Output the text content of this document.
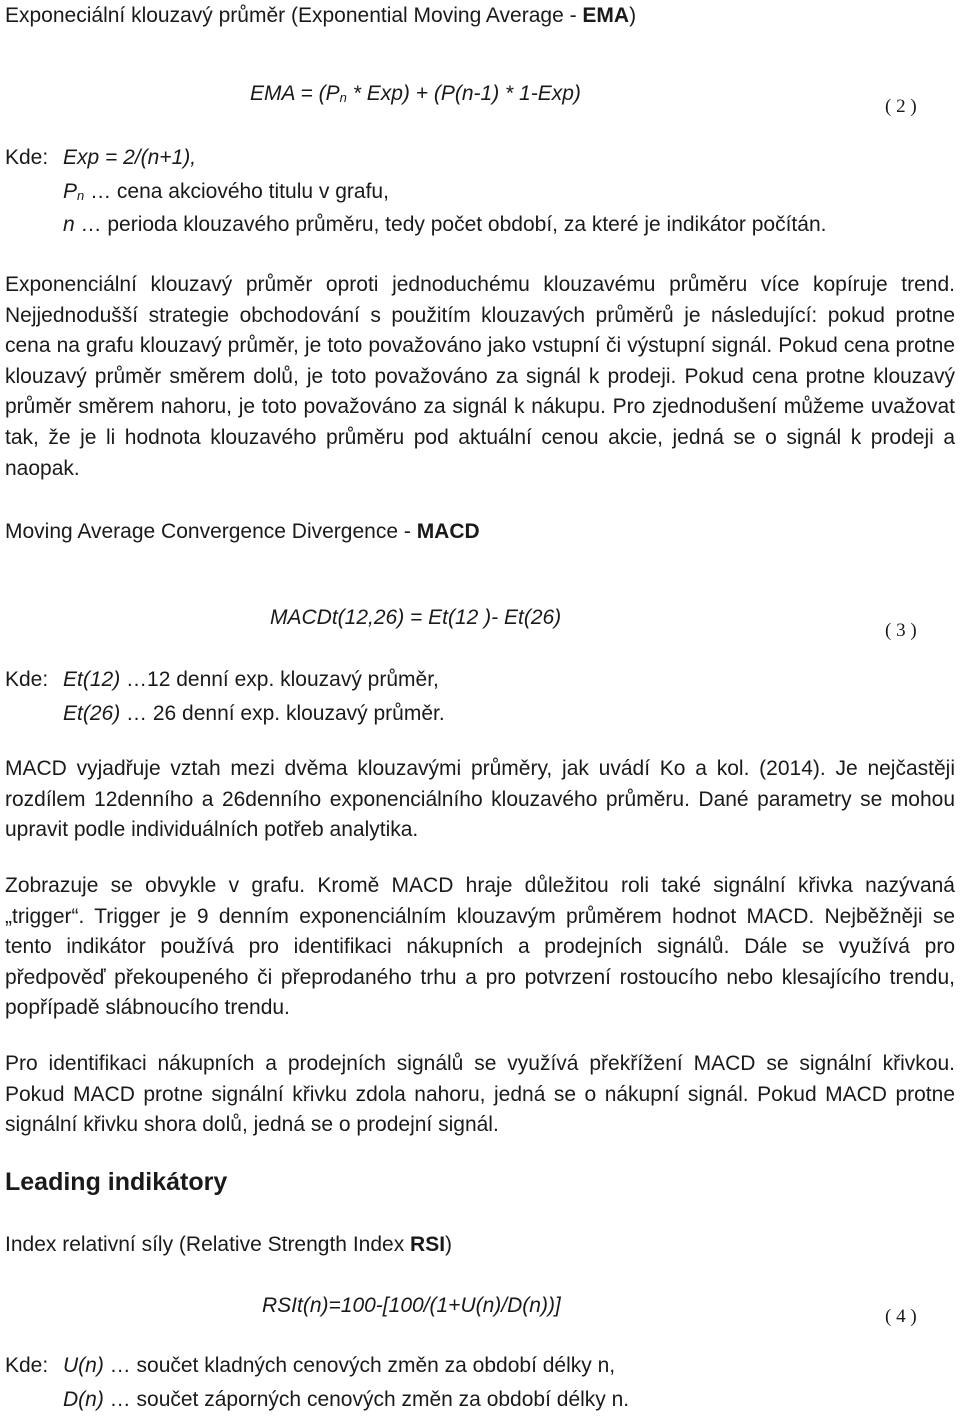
Exponeciální klouzavý průměr (Exponential Moving Average - EMA)
EMA = $(P_n * Exp) + (P(n-1) * 1-Exp)$
( 2 )
Kde: Exp = 2/(n+1),
$P_n$ … cena akciového titulu v grafu,
n … perioda klouzavého průměru, tedy počet období, za které je indikátor počítán.
Exponenciální klouzavý průměr oproti jednoduchému klouzavému průměru více kopíruje trend. Nejjednodušší strategie obchodování s použitím klouzavých průměrů je následující: pokud protne cena na grafu klouzavý průměr, je toto považováno jako vstupní či výstupní signál. Pokud cena protne klouzavý průměr směrem dolů, je toto považováno za signál k prodeji. Pokud cena protne klouzavý průměr směrem nahoru, je toto považováno za signál k nákupu. Pro zjednodušení můžeme uvažovat tak, že je li hodnota klouzavého průměru pod aktuální cenou akcie, jedná se o signál k prodeji a naopak.
Moving Average Convergence Divergence - MACD
MACDt(12,26) = Et(12 )- Et(26)
( 3 )
Kde: Et(12) …12 denní exp. klouzavý průměr,
Et(26) … 26 denní exp. klouzavý průměr.
MACD vyjadřuje vztah mezi dvěma klouzavými průměry, jak uvádí Ko a kol. (2014). Je nejčastěji rozdílem 12denního a 26denního exponenciálního klouzavého průměru. Dané parametry se mohou upravit podle individuálních potřeb analytika.
Zobrazuje se obvykle v grafu. Kromě MACD hraje důležitou roli také signální křivka nazývaná „trigger“. Trigger je 9 denním exponenciálním klouzavým průměrem hodnot MACD. Nejběžněji se tento indikátor používá pro identifikaci nákupních a prodejních signálů. Dále se využívá pro předpověď překoupeného či přeprodaného trhu a pro potvrzení rostoucího nebo klesajícího trendu, popřípadě slábnoucího trendu.
Pro identifikaci nákupních a prodejních signálů se využívá překřížení MACD se signální křivkou. Pokud MACD protne signální křivku zdola nahoru, jedná se o nákupní signál. Pokud MACD protne signální křivku shora dolů, jedná se o prodejní signál.
Leading indikátory
Index relativní síly (Relative Strength Index RSI)
RSIt(n)=100-[100/(1+U(n)/D(n))]	( 4 )
Kde: U(n) … součet kladných cenových změn za období délky n,
D(n) … součet záporných cenových změn za období délky n.
